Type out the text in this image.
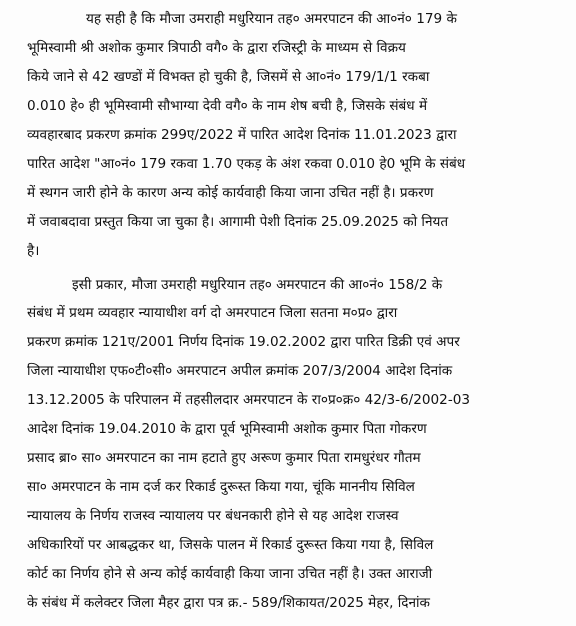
यह सही है कि मौजा उमराही मधुरियान तह० अमरपाटन की आ०नं० 179 के
भूमिस्वामी श्री अशोक कुमार त्रिपाठी वगै० के द्वारा रजिस्ट्री के माध्यम से विक्रय
किये जाने से 42 खण्डों में विभक्त हो चुकी है, जिसमें से आ०नं० 179/1/1 रकबा
0.010 हे० ही भूमिस्वामी सौभाग्या देवी वगै० के नाम शेष बची है, जिसके संबंध में
व्यवहारबाद प्रकरण क्रमांक 299ए/2022 में पारित आदेश दिनांक 11.01.2023 द्वारा
पारित आदेश "आ०नं० 179 रकवा 1.70 एकड़ के अंश रकवा 0.010 हे0 भूमि के संबंध
में स्थगन जारी होने के कारण अन्य कोई कार्यवाही किया जाना उचित नहीं है। प्रकरण
में जवाबदावा प्रस्तुत किया जा चुका है। आगामी पेशी दिनांक 25.09.2025 को नियत
है।
इसी प्रकार, मौजा उमराही मधुरियान तह० अमरपाटन की आ०नं० 158/2 के
संबंध में प्रथम व्यवहार न्यायाधीश वर्ग दो अमरपाटन जिला सतना म०प्र० द्वारा
प्रकरण क्रमांक 121ए/2001 निर्णय दिनांक 19.02.2002 द्वारा पारित डिक्री एवं अपर
जिला न्यायाधीश एफ०टी०सी० अमरपाटन अपील क्रमांक 207/3/2004 आदेश दिनांक
13.12.2005 के परिपालन में तहसीलदार अमरपाटन के रा०प्र०क्र० 42/3-6/2002-03
आदेश दिनांक 19.04.2010 के द्वारा पूर्व भूमिस्वामी अशोक कुमार पिता गोकरण
प्रसाद ब्रा० सा० अमरपाटन का नाम हटाते हुए अरूण कुमार पिता रामधुरंधर गौतम
सा० अमरपाटन के नाम दर्ज कर रिकार्ड दुरूस्त किया गया, चूंकि माननीय सिविल
न्यायालय के निर्णय राजस्व न्यायालय पर बंधनकारी होने से यह आदेश राजस्व
अधिकारियों पर आबद्धकर था, जिसके पालन में रिकार्ड दुरूस्त किया गया है, सिविल
कोर्ट का निर्णय होने से अन्य कोई कार्यवाही किया जाना उचित नहीं है। उक्त आराजी
के संबंध में कलेक्टर जिला मैहर द्वारा पत्र क्र.- 589/शिकायत/2025 मेहर, दिनांक
